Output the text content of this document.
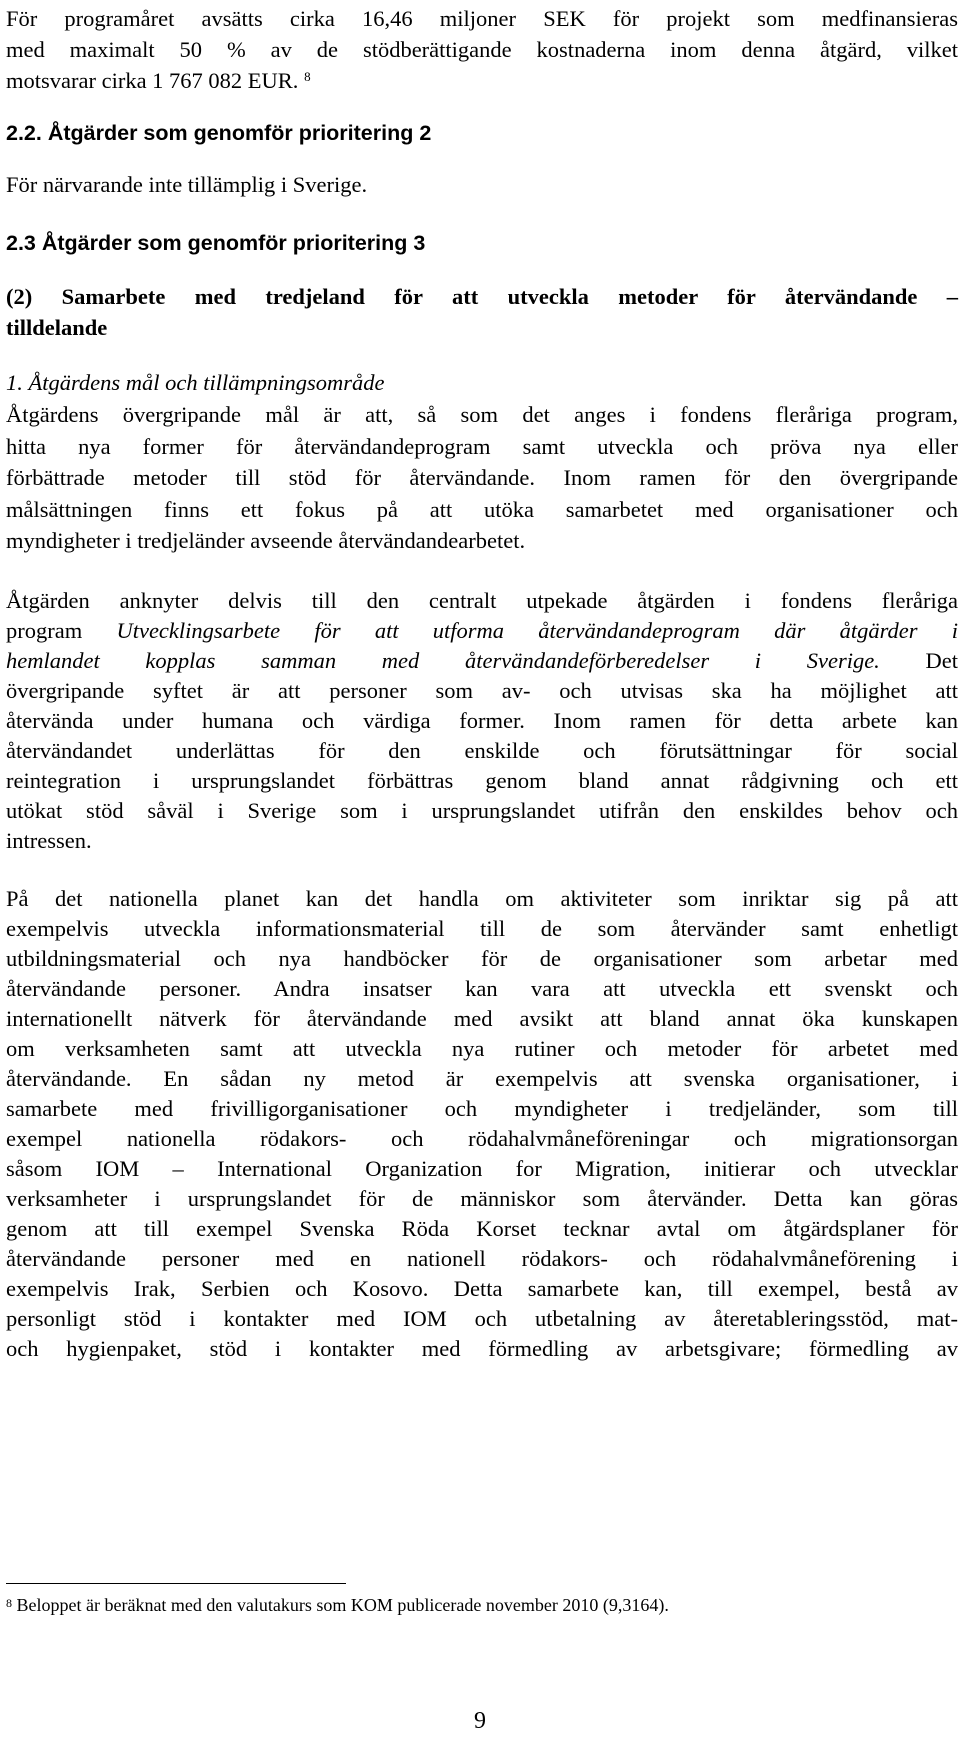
För programåret avsätts cirka 16,46 miljoner SEK för projekt som medfinansieras
med maximalt 50 % av de stödberättigande kostnaderna inom denna åtgärd, vilket
motsvarar cirka 1 767 082 EUR. $^8$
2.2. Åtgärder som genomför prioritering 2
För närvarande inte tillämplig i Sverige.
2.3 Åtgärder som genomför prioritering 3
(2) Samarbete med tredjeland för att utveckla metoder för återvändande –
tilldelande
1. Åtgärdens mål och tillämpningsområde
Åtgärdens övergripande mål är att, så som det anges i fondens fleråriga program,
hitta nya former för återvändandeprogram samt utveckla och pröva nya eller
förbättrade metoder till stöd för återvändande. Inom ramen för den övergripande
målsättningen finns ett fokus på att utöka samarbetet med organisationer och
myndigheter i tredjeländer avseende återvändandearbetet.
Åtgärden anknyter delvis till den centralt utpekade åtgärden i fondens fleråriga
program Utvecklingsarbete för att utforma återvändandeprogram där åtgärder i
hemlandet kopplas samman med återvändandeförberedelser i Sverige. Det
övergripande syftet är att personer som av- och utvisas ska ha möjlighet att
återvända under humana och värdiga former. Inom ramen för detta arbete kan
återvändandet underlättas för den enskilde och förutsättningar för social
reintegration i ursprungslandet förbättras genom bland annat rådgivning och ett
utökat stöd såväl i Sverige som i ursprungslandet utifrån den enskildes behov och
intressen.
På det nationella planet kan det handla om aktiviteter som inriktar sig på att
exempelvis utveckla informationsmaterial till de som återvänder samt enhetligt
utbildningsmaterial och nya handböcker för de organisationer som arbetar med
återvändande personer. Andra insatser kan vara att utveckla ett svenskt och
internationellt nätverk för återvändande med avsikt att bland annat öka kunskapen
om verksamheten samt att utveckla nya rutiner och metoder för arbetet med
återvändande. En sådan ny metod är exempelvis att svenska organisationer, i
samarbete med frivilligorganisationer och myndigheter i tredjeländer, som till
exempel nationella rödakors- och rödahalvmåneföreningar och migrationsorgan
såsom IOM – International Organization for Migration, initierar och utvecklar
verksamheter i ursprungslandet för de människor som återvänder. Detta kan göras
genom att till exempel Svenska Röda Korset tecknar avtal om åtgärdsplaner för
återvändande personer med en nationell rödakors- och rödahalvmåneförening i
exempelvis Irak, Serbien och Kosovo. Detta samarbete kan, till exempel, bestå av
personligt stöd i kontakter med IOM och utbetalning av återetableringsstöd, mat-
och hygienpaket, stöd i kontakter med förmedling av arbetsgivare; förmedling av
$^8$ Beloppet är beräknat med den valutakurs som KOM publicerade november 2010 (9,3164).
9
